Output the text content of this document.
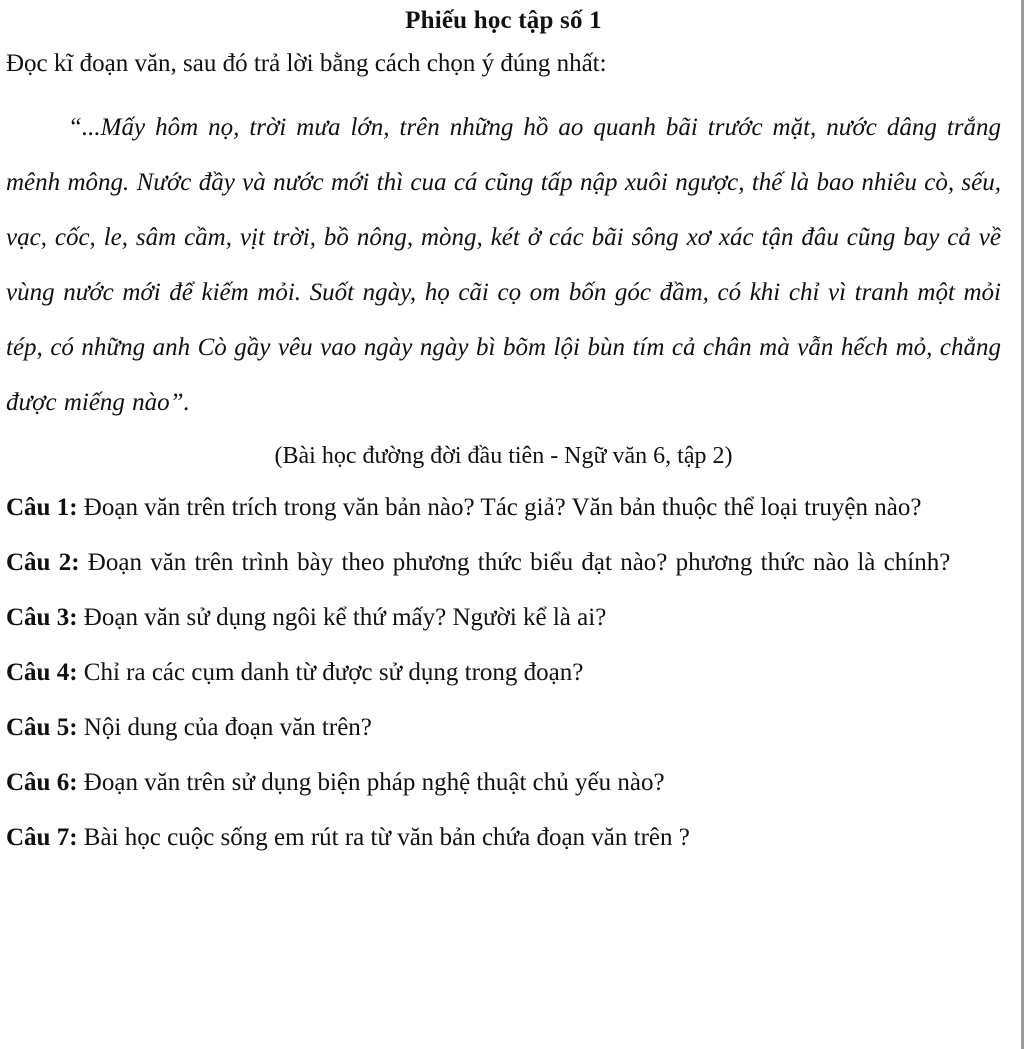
Phiếu học tập số 1

Đọc kĩ đoạn văn, sau đó trả lời bằng cách chọn ý đúng nhất:

“...Mấy hôm nọ, trời mưa lớn, trên những hồ ao quanh bãi trước mặt, nước dâng trắng mênh mông. Nước đầy và nước mới thì cua cá cũng tấp nập xuôi ngược, thế là bao nhiêu cò, sếu, vạc, cốc, le, sâm cầm, vịt trời, bồ nông, mòng, két ở các bãi sông xơ xác tận đâu cũng bay cả về vùng nước mới để kiếm mỏi. Suốt ngày, họ cãi cọ om bốn góc đầm, có khi chỉ vì tranh một mỏi tép, có những anh Cò gầy vêu vao ngày ngày bì bõm lội bùn tím cả chân mà vẫn hếch mỏ, chẳng được miếng nào”.

(Bài học đường đời đầu tiên - Ngữ văn 6, tập 2)

Câu 1: Đoạn văn trên trích trong văn bản nào? Tác giả? Văn bản thuộc thể loại truyện nào?

Câu 2: Đoạn văn trên trình bày theo phương thức biểu đạt nào? phương thức nào là chính?

Câu 3: Đoạn văn sử dụng ngôi kể thứ mấy? Người kể là ai?

Câu 4: Chỉ ra các cụm danh từ được sử dụng trong đoạn?

Câu 5: Nội dung của đoạn văn trên?

Câu 6: Đoạn văn trên sử dụng biện pháp nghệ thuật chủ yếu nào?

Câu 7: Bài học cuộc sống em rút ra từ văn bản chứa đoạn văn trên ?
